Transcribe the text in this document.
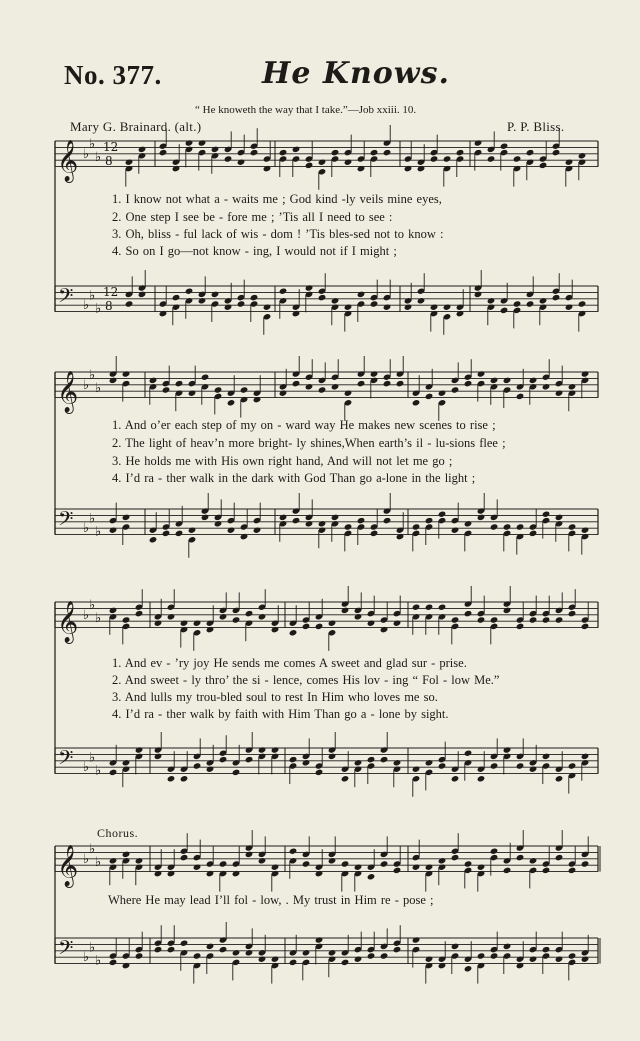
No. 377.	He Knows.
“ He knoweth the way that I take.”—Job xxiii. 10.
Mary G. Brainard. (alt.)	P. P. Bliss.
Chorus.
1. I know not what a - waits me ; God kind -ly veils mine eyes,
2. One step I see be - fore me ; ’Tis all I need to see :
3. Oh, bliss - ful lack of wis - dom ! ’Tis bles-sed not to know :
4. So on I go—not know - ing, I would not if I might ;
1. And o’er each step of my on - ward way He makes new scenes to rise ;
2. The light of heav’n more bright- ly shines,When earth’s il - lu-sions flee ;
3. He holds me with His own right hand, And will not let me go ;
4. I’d ra - ther walk in the dark with God Than go a-lone in the light ;
1. And ev - ’ry joy He sends me comes A sweet and glad sur - prise.
2. And sweet - ly thro’ the si - lence, comes His lov - ing “ Fol - low Me.”
3. And lulls my trou-bled soul to rest In Him who loves me so.
4. I’d ra - ther walk by faith with Him Than go a - lone by sight.
Where He may lead I’ll fol - low, . My trust in Him re - pose ;
𝄞 ♭
♭
♭
𝄢 ♭
♭
♭
12
8
12
8
𝄞 ♭
♭
♭
𝄢 ♭
♭
♭
𝄞 ♭
♭
♭
𝄢 ♭
♭
♭
𝄞 ♭
♭
♭
𝄢 ♭
♭
♭
